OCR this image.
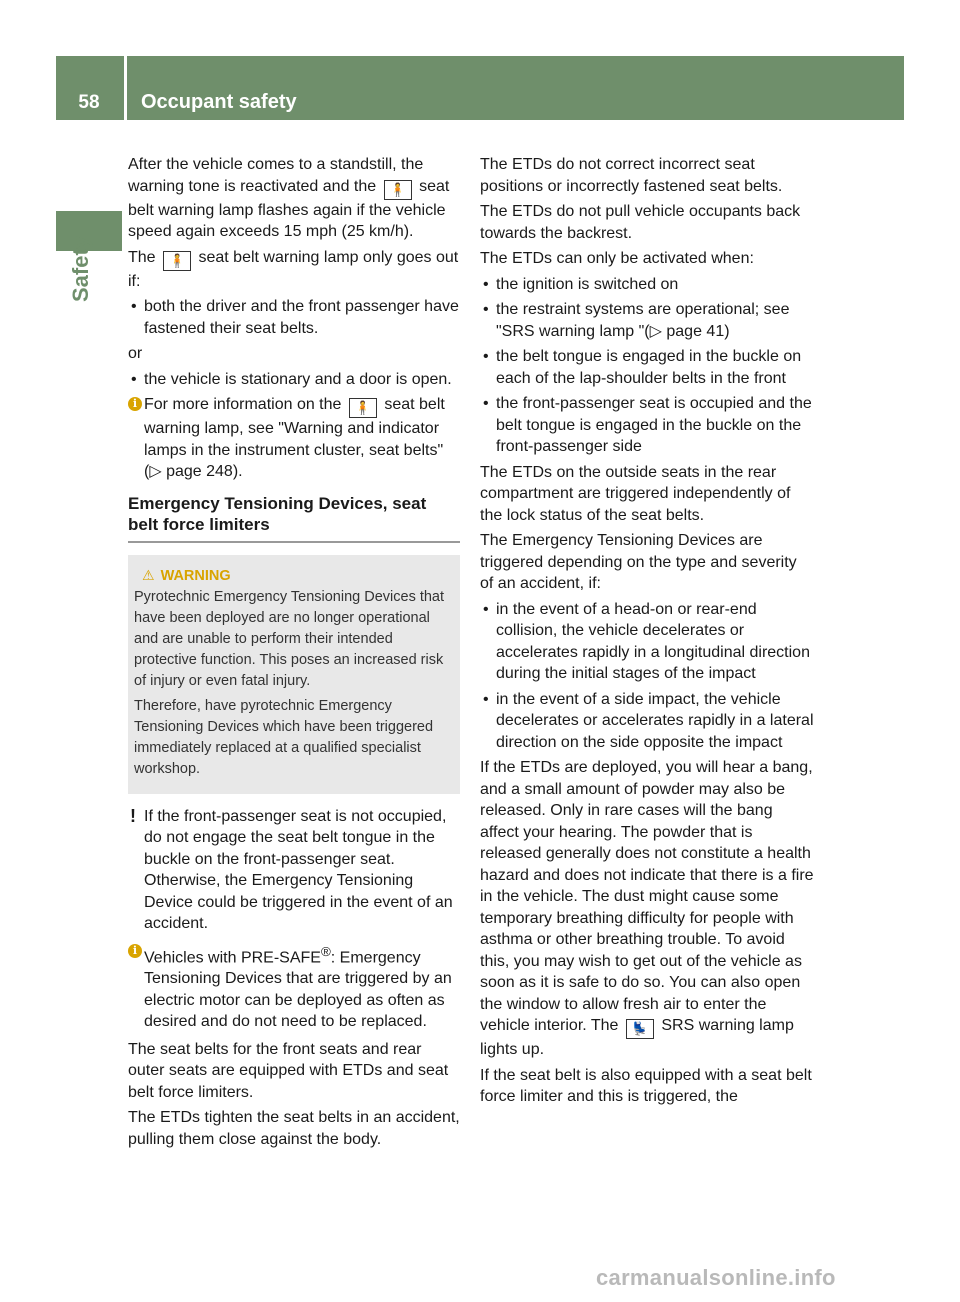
58	Occupant safety
Safety

After the vehicle comes to a standstill, the warning tone is reactivated and the 🧍 seat belt warning lamp flashes again if the vehicle speed again exceeds 15 mph (25 km/h).

The 🧍 seat belt warning lamp only goes out if:

• both the driver and the front passenger have fastened their seat belts.

or

• the vehicle is stationary and a door is open.
i For more information on the 🧍 seat belt warning lamp, see "Warning and indicator lamps in the instrument cluster, seat belts" (▷ page 248).
Emergency Tensioning Devices, seat belt force limiters
⚠ WARNING

Pyrotechnic Emergency Tensioning Devices that have been deployed are no longer operational and are unable to perform their intended protective function. This poses an increased risk of injury or even fatal injury.

Therefore, have pyrotechnic Emergency Tensioning Devices which have been triggered immediately replaced at a qualified specialist workshop.

! If the front-passenger seat is not occupied, do not engage the seat belt tongue in the buckle on the front-passenger seat. Otherwise, the Emergency Tensioning Device could be triggered in the event of an accident.
i Vehicles with PRE-SAFE®: Emergency Tensioning Devices that are triggered by an electric motor can be deployed as often as desired and do not need to be replaced.

The seat belts for the front seats and rear outer seats are equipped with ETDs and seat belt force limiters.

The ETDs tighten the seat belts in an accident, pulling them close against the body.

The ETDs do not correct incorrect seat positions or incorrectly fastened seat belts.

The ETDs do not pull vehicle occupants back towards the backrest.

The ETDs can only be activated when:

• the ignition is switched on
• the restraint systems are operational; see "SRS warning lamp "(▷ page 41)
• the belt tongue is engaged in the buckle on each of the lap-shoulder belts in the front
• the front-passenger seat is occupied and the belt tongue is engaged in the buckle on the front-passenger side

The ETDs on the outside seats in the rear compartment are triggered independently of the lock status of the seat belts.

The Emergency Tensioning Devices are triggered depending on the type and severity of an accident, if:

• in the event of a head-on or rear-end collision, the vehicle decelerates or accelerates rapidly in a longitudinal direction during the initial stages of the impact
• in the event of a side impact, the vehicle decelerates or accelerates rapidly in a lateral direction on the side opposite the impact

If the ETDs are deployed, you will hear a bang, and a small amount of powder may also be released. Only in rare cases will the bang affect your hearing. The powder that is released generally does not constitute a health hazard and does not indicate that there is a fire in the vehicle. The dust might cause some temporary breathing difficulty for people with asthma or other breathing trouble. To avoid this, you may wish to get out of the vehicle as soon as it is safe to do so. You can also open the window to allow fresh air to enter the vehicle interior. The 💺 SRS warning lamp lights up.

If the seat belt is also equipped with a seat belt force limiter and this is triggered, the

carmanualsonline.info
